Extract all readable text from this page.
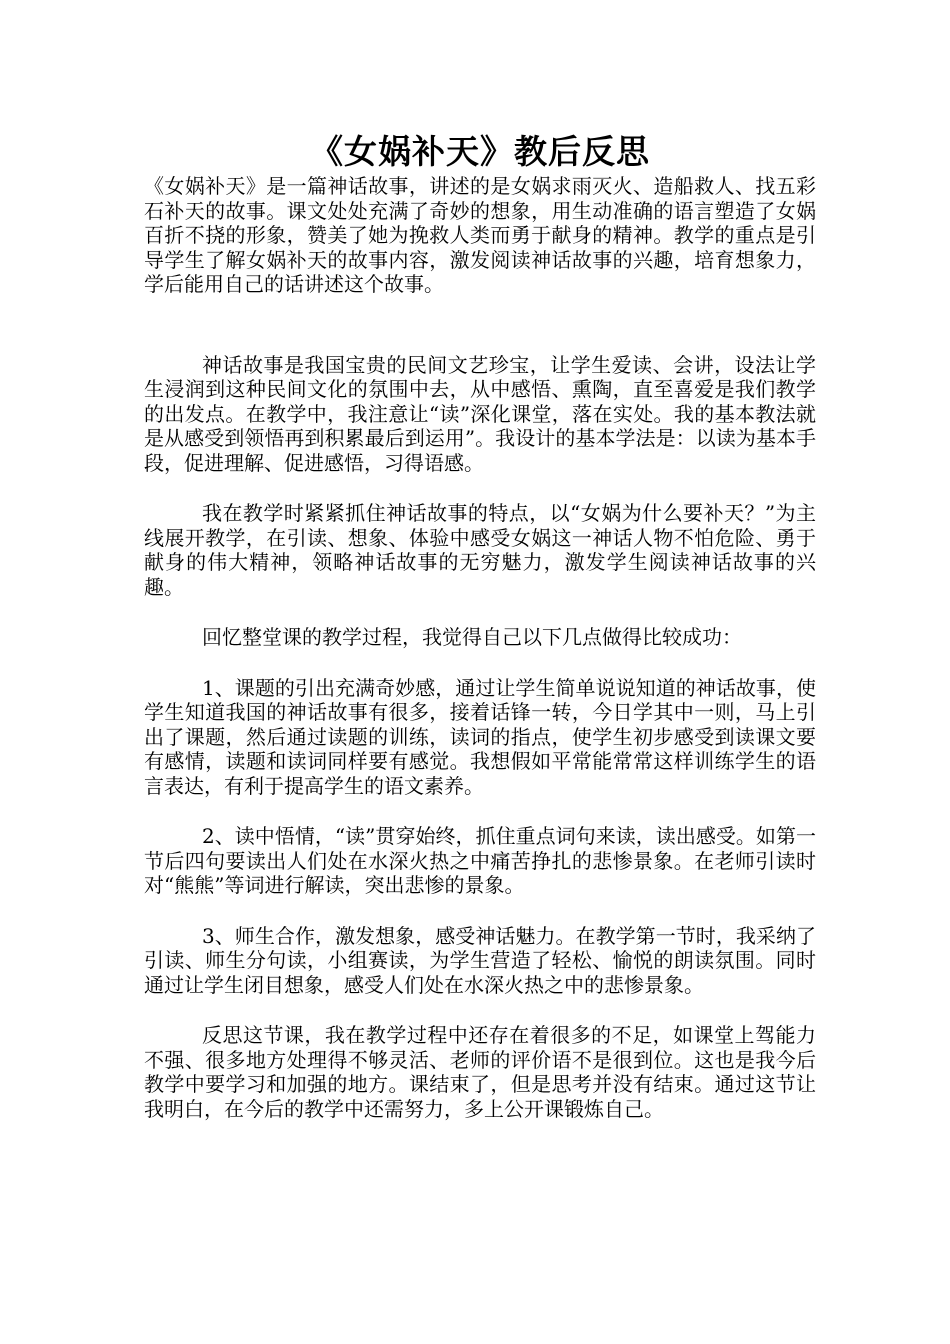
《女娲补天》教后反思

《女娲补天》是一篇神话故事，讲述的是女娲求雨灭火、造船救人、找五彩石补天的故事。课文处处充满了奇妙的想象，用生动准确的语言塑造了女娲百折不挠的形象，赞美了她为挽救人类而勇于献身的精神。教学的重点是引导学生了解女娲补天的故事内容，激发阅读神话故事的兴趣，培育想象力，学后能用自己的话讲述这个故事。

神话故事是我国宝贵的民间文艺珍宝，让学生爱读、会讲，设法让学生浸润到这种民间文化的氛围中去，从中感悟、熏陶，直至喜爱是我们教学的出发点。在教学中，我注意让“读”深化课堂，落在实处。我的基本教法就是从感受到领悟再到积累最后到运用”。我设计的基本学法是：以读为基本手段，促进理解、促进感悟，习得语感。

我在教学时紧紧抓住神话故事的特点，以“女娲为什么要补天？”为主线展开教学，在引读、想象、体验中感受女娲这一神话人物不怕危险、勇于献身的伟大精神，领略神话故事的无穷魅力，激发学生阅读神话故事的兴趣。

回忆整堂课的教学过程，我觉得自己以下几点做得比较成功：

1、课题的引出充满奇妙感，通过让学生简单说说知道的神话故事，使学生知道我国的神话故事有很多，接着话锋一转，今日学其中一则，马上引出了课题，然后通过读题的训练，读词的指点，使学生初步感受到读课文要有感情，读题和读词同样要有感觉。我想假如平常能常常这样训练学生的语言表达，有利于提高学生的语文素养。

2、读中悟情，“读”贯穿始终，抓住重点词句来读，读出感受。如第一节后四句要读出人们处在水深火热之中痛苦挣扎的悲惨景象。在老师引读时对“熊熊”等词进行解读，突出悲惨的景象。

3、师生合作，激发想象，感受神话魅力。在教学第一节时，我采纳了引读、师生分句读，小组赛读，为学生营造了轻松、愉悦的朗读氛围。同时通过让学生闭目想象，感受人们处在水深火热之中的悲惨景象。

反思这节课，我在教学过程中还存在着很多的不足，如课堂上驾能力不强、很多地方处理得不够灵活、老师的评价语不是很到位。这也是我今后教学中要学习和加强的地方。课结束了，但是思考并没有结束。通过这节让我明白，在今后的教学中还需努力，多上公开课锻炼自己。
